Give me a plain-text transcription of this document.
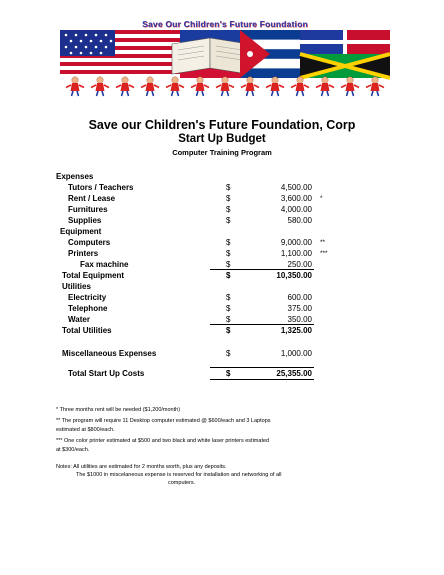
Save Our Children's Future Foundation
Save our Children's Future Foundation, Corp
Start Up Budget
Computer Training Program
Expenses
Tutors / Teachers	$	4,500.00
Rent / Lease	$	3,600.00 *
Furnitures	$	4,000.00
Supplies	$	580.00
Equipment
Computers	$	9,000.00 **
Printers	$	1,100.00 ***
Fax machine	$	250.00
Total Equipment	$	10,350.00
Utilities
Electricity	$	600.00
Telephone	$	375.00
Water	$	350.00
Total Utilities	$	1,325.00
Miscellaneous Expenses	$	1,000.00
Total Start Up Costs	$	25,355.00
* Three months rent will be needed ($1,200/month)
** The program will require 11 Desktop computer estimated @ $600/each and 3 Laptops
estimated at $800/each.
*** One color printer estimated at $500 and two black and white laser printers estimated
at $300/each.
Notes: All utilities are estimated for 2 months worth, plus any deposits.
The $1000 in miscelaneous expense is reserved for installation and networking of all
computers.
